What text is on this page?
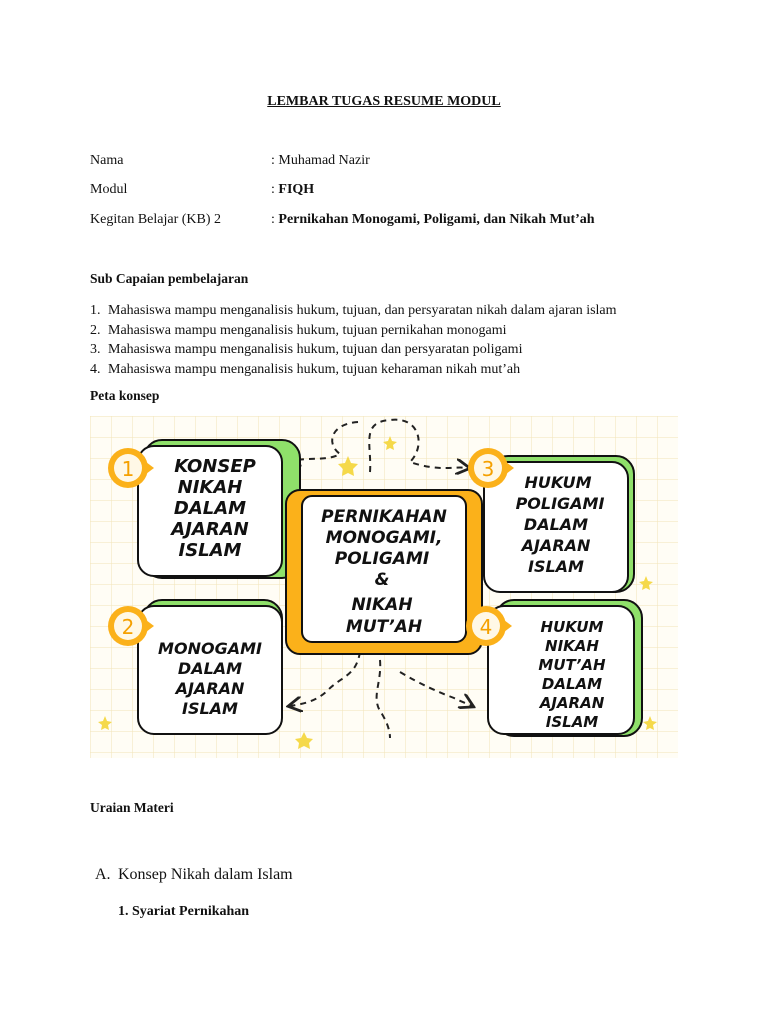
LEMBAR TUGAS RESUME MODUL
Nama	: Muhamad Nazir
Modul	: FIQH
Kegitan Belajar (KB) 2	: Pernikahan Monogami, Poligami, dan Nikah Mut’ah
Sub Capaian pembelajaran
1. Mahasiswa mampu menganalisis hukum, tujuan, dan persyaratan nikah dalam ajaran islam
2. Mahasiswa mampu menganalisis hukum, tujuan pernikahan monogami
3. Mahasiswa mampu menganalisis hukum, tujuan dan persyaratan poligami
4. Mahasiswa mampu menganalisis hukum, tujuan keharaman nikah mut’ah
Peta konsep
KONSEP
NIKAH
DALAM
AJARAN
ISLAM
1
MONOGAMI
DALAM
AJARAN
ISLAM
2
PERNIKAHAN
MONOGAMI,
POLIGAMI
&
NIKAH
MUT’AH
HUKUM
POLIGAMI
DALAM
AJARAN
ISLAM
3
HUKUM
NIKAH
MUT’AH
DALAM
AJARAN
ISLAM
4
Uraian Materi
A. Konsep Nikah dalam Islam
1. Syariat Pernikahan
